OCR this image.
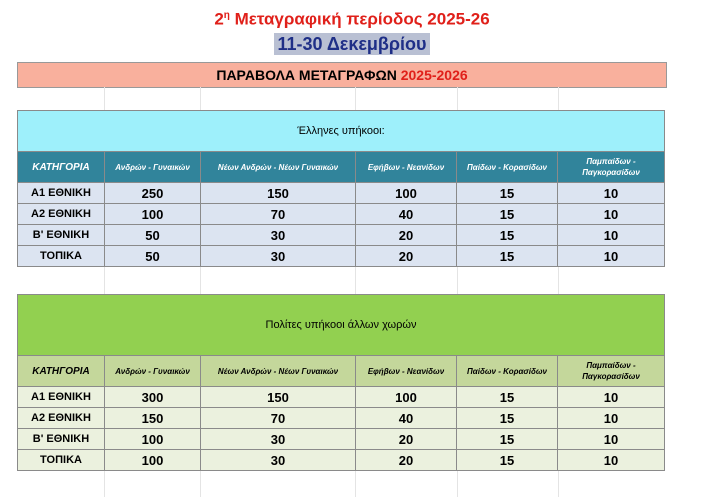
$2^\eta$ Μεταγραφική περίοδος 2025-26
11-30 Δεκεμβρίου
ΠΑΡΑΒΟΛΑ ΜΕΤΑΓΡΑΦΩΝ 2025-2026
Έλληνες υπήκοοι:					
ΚΑΤΗΓΟΡΙΑ	Ανδρών - Γυναικών	Νέων Ανδρών - Νέων Γυναικών	Εφήβων - Νεανίδων	Παίδων - Κορασίδων	Παμπαίδων - Παγκορασίδων
Α1 ΕΘΝΙΚΗ	250	150	100	15	10
Α2 ΕΘΝΙΚΗ	100	70	40	15	10
Β' ΕΘΝΙΚΗ	50	30	20	15	10
ΤΟΠΙΚΑ	50	30	20	15	10
Πολίτες υπήκοοι άλλων χωρών					
ΚΑΤΗΓΟΡΙΑ	Ανδρών - Γυναικών	Νέων Ανδρών - Νέων Γυναικών	Εφήβων - Νεανίδων	Παίδων - Κορασίδων	Παμπαίδων - Παγκορασίδων
Α1 ΕΘΝΙΚΗ	300	150	100	15	10
Α2 ΕΘΝΙΚΗ	150	70	40	15	10
Β' ΕΘΝΙΚΗ	100	30	20	15	10
ΤΟΠΙΚΑ	100	30	20	15	10
